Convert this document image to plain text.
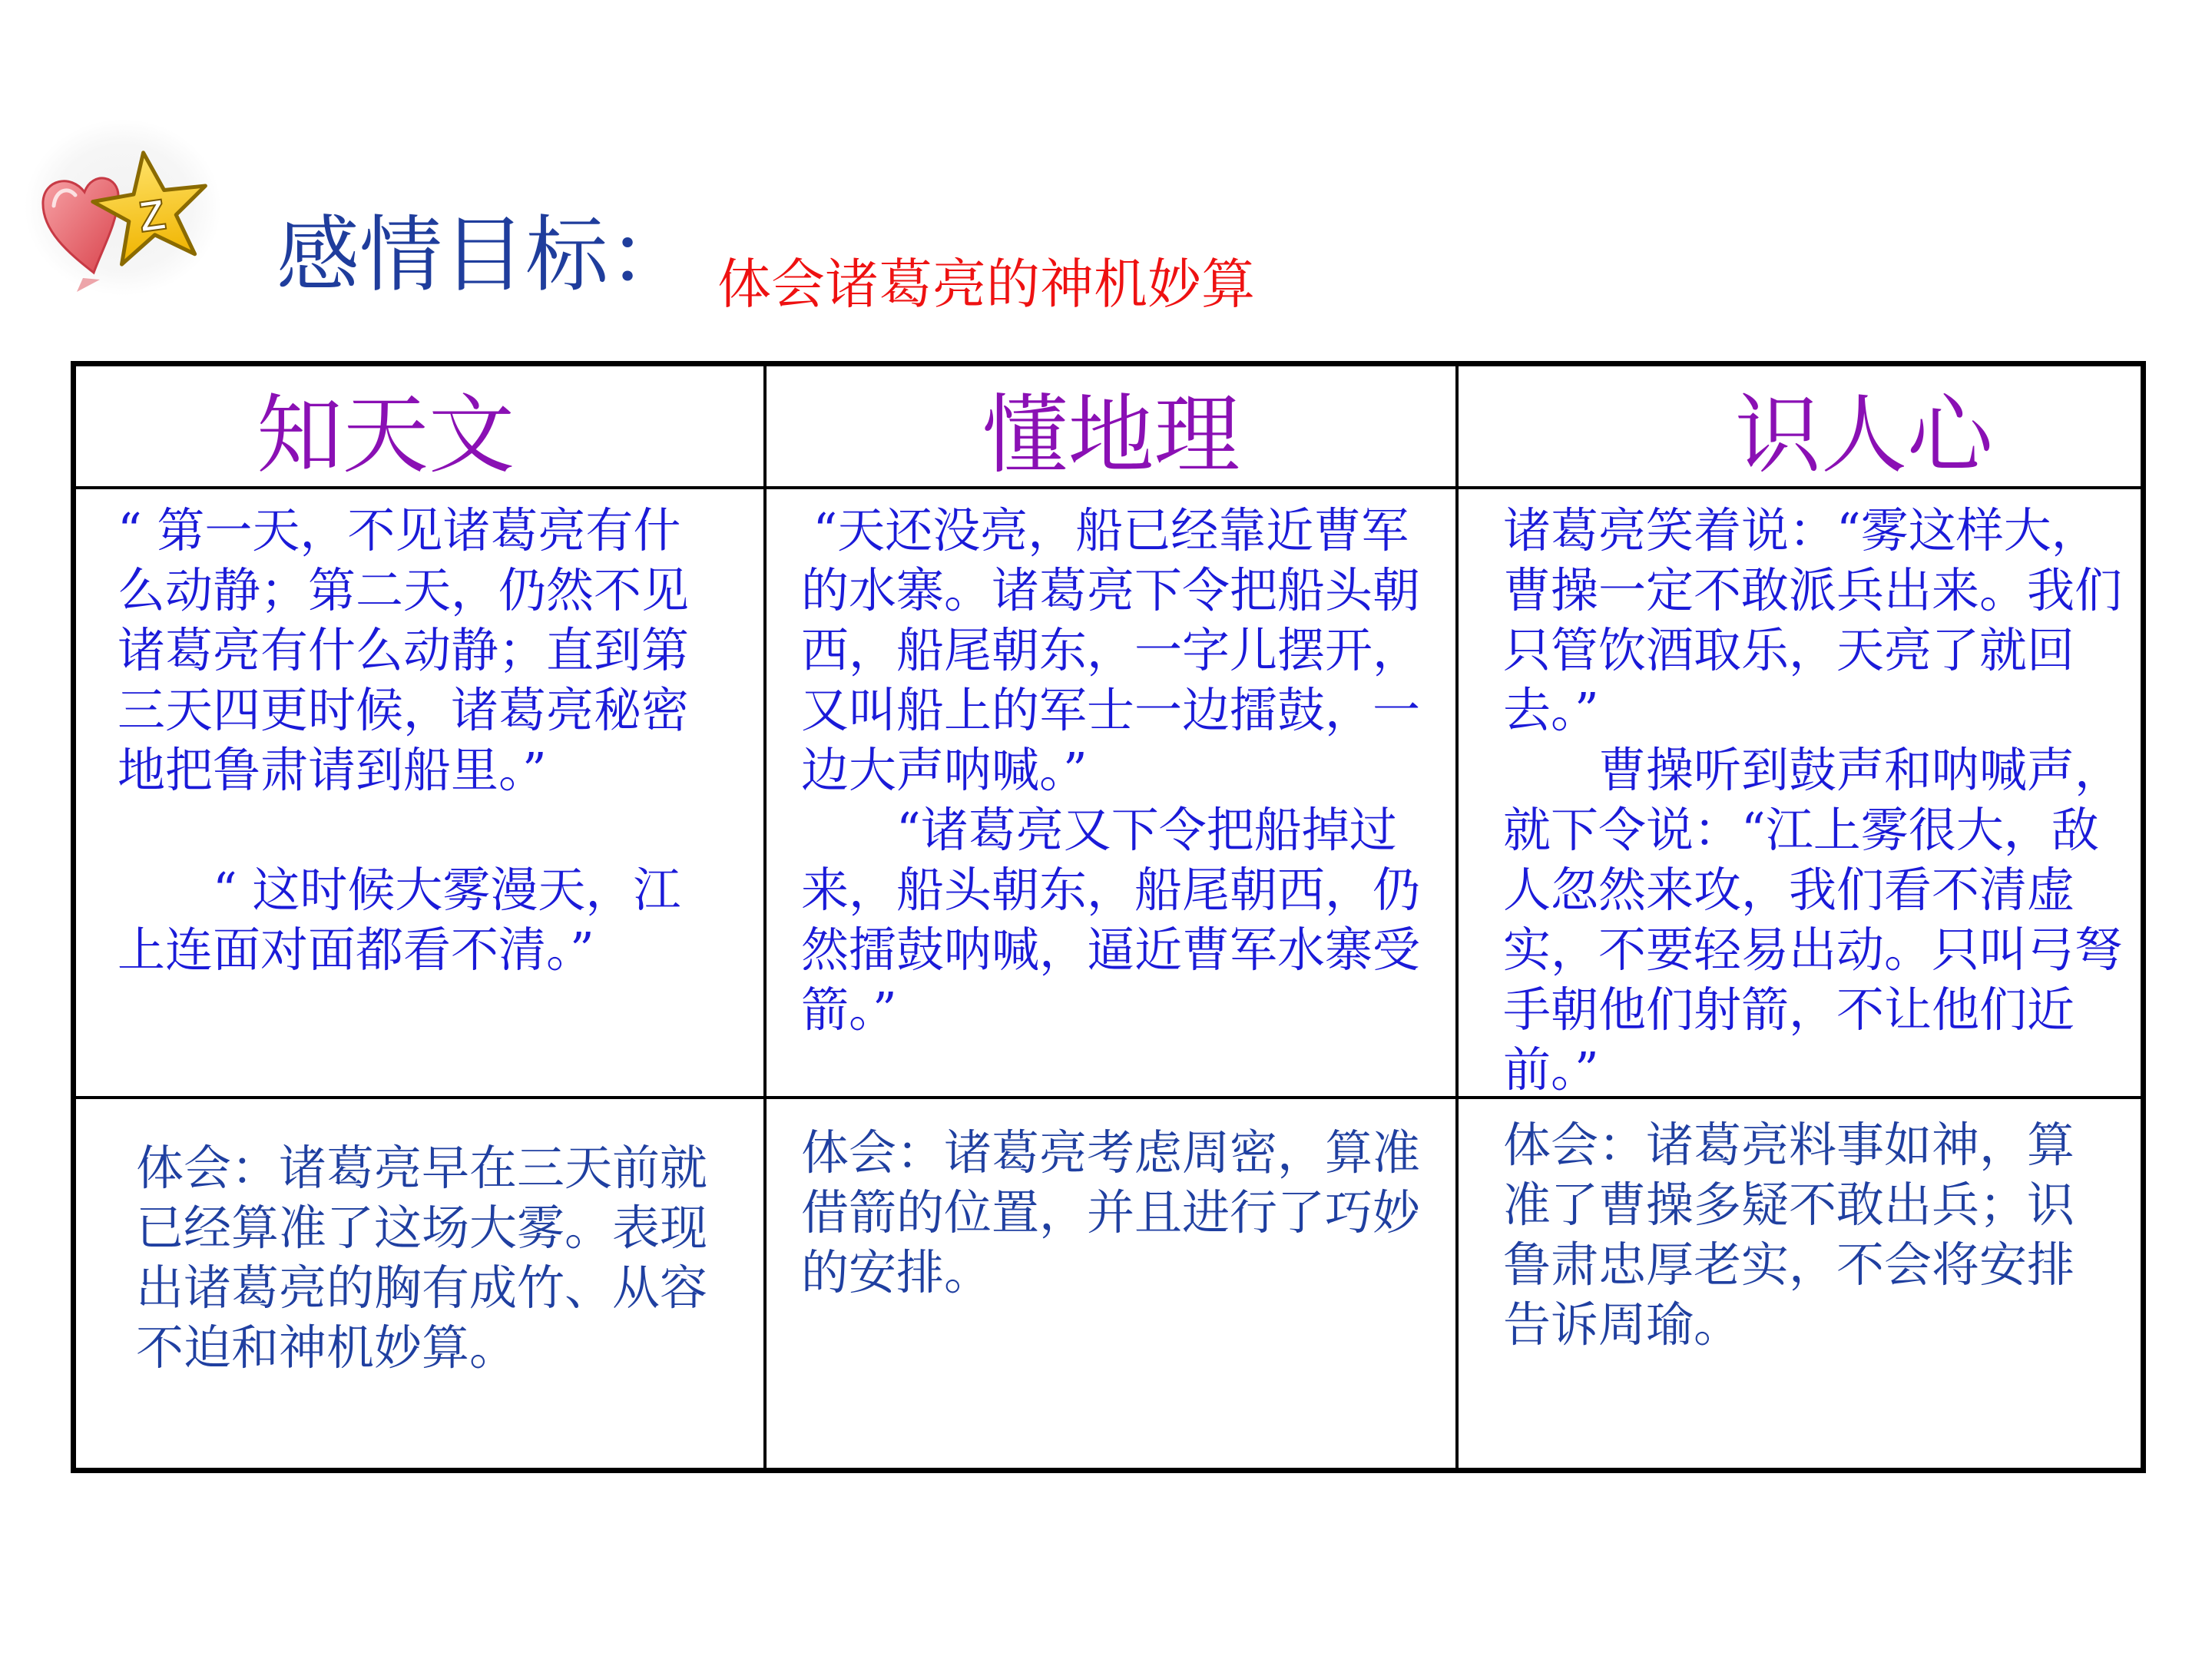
Z 感情目标： 体会诸葛亮的神机妙算
知天文	懂地理	识人心

“ 第一天，不见诸葛亮有什么动静；第二天，仍然不见诸葛亮有什么动静；直到第三天四更时候，诸葛亮秘密地把鲁肃请到船里。”

“ 这时候大雾漫天，江上连面对面都看不清。”

“天还没亮，船已经靠近曹军的水寨。诸葛亮下令把船头朝西，船尾朝东，一字儿摆开，又叫船上的军士一边擂鼓，一边大声呐喊。”

“诸葛亮又下令把船掉过来，船头朝东，船尾朝西，仍然擂鼓呐喊，逼近曹军水寨受箭。”

诸葛亮笑着说：“雾这样大，曹操一定不敢派兵出来。我们只管饮酒取乐，天亮了就回去。”

曹操听到鼓声和呐喊声，就下令说：“江上雾很大，敌人忽然来攻，我们看不清虚实，不要轻易出动。只叫弓弩手朝他们射箭，不让他们近前。”

体会：诸葛亮早在三天前就已经算准了这场大雾。表现出诸葛亮的胸有成竹、从容不迫和神机妙算。
体会：诸葛亮考虑周密，算准借箭的位置，并且进行了巧妙的安排。
体会：诸葛亮料事如神，算准了曹操多疑不敢出兵；识鲁肃忠厚老实，不会将安排告诉周瑜。
